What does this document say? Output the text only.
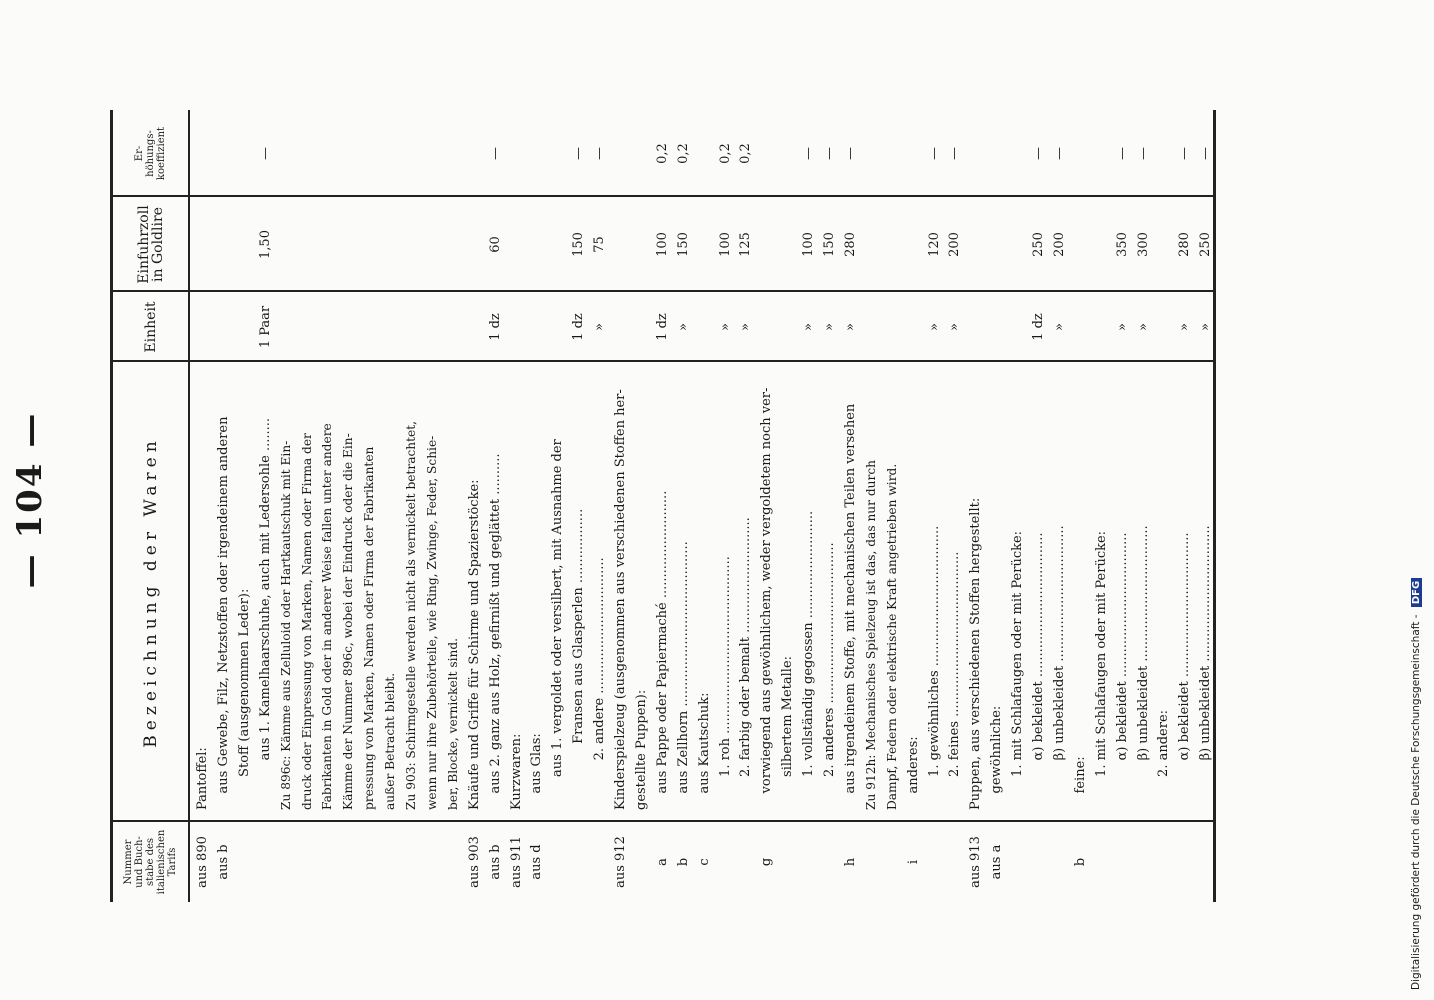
— 104 —
Nummer
und Buch-
stabe des
italienischen
Tarifs
Bezeichnung der Waren
Einheit
Einfuhrzoll
in Goldlire
Er-
höhungs-
koeffizient
aus 890
Pantoffel:
aus b
aus Gewebe, Filz, Netzstoffen oder irgendeinem anderen Stoff (ausgenommen Leder): aus 1. Kamelhaarschuhe, auch mit Ledersohle ........
1 Paar
1,50
—
Zu 896c: Kämme aus Zelluloid oder Hartkautschuk mit Ein- druck oder Einpressung von Marken, Namen oder Firma der Fabrikanten in Gold oder in anderer Weise fallen unter andere Kämme der Nummer 896c, wobei der Eindruck oder die Ein- pressung von Marken, Namen oder Firma der Fabrikanten außer Betracht bleibt. Zu 903: Schirmgestelle werden nicht als vernickelt betrachtet, wenn nur ihre Zubehörteile, wie Ring, Zwinge, Feder, Schie- ber, Blocke, vernickelt sind.
aus 903
Knäufe und Griffe für Schirme und Spazierstöcke:
aus b
aus 2. ganz aus Holz, gefirnißt und geglättet ..........
1 dz
60
—
aus 911
Kurzwaren:
aus d
aus Glas: aus 1. vergoldet oder versilbert, mit Ausnahme der Fransen aus Glasperlen ..................
1 dz
150
—
2. andere .................................
»
75
—
aus 912
Kinderspielzeug (ausgenommen aus verschiedenen Stoffen her- gestellte Puppen):
a
aus Pappe oder Papiermaché ..........................
1 dz
100
0,2
b
aus Zellhorn ........................................
»
150
0,2
c
aus Kautschuk: 1. roh ...........................................
»
100
0,2
2. farbig oder bemalt ............................
»
125
0,2
g
vorwiegend aus gewöhnlichem, weder vergoldetem noch ver- silbertem Metalle: 1. vollständig gegossen ..........................
»
100
—
2. anderes .......................................
»
150
—
h
aus irgendeinem Stoffe, mit mechanischen Teilen versehen
»
280
—
Zu 912h: Mechanisches Spielzeug ist das, das nur durch Dampf, Federn oder elektrische Kraft angetrieben wird.
i
anderes: 1. gewöhnliches ..................................
»
120
—
2. feines ........................................
»
200
—
aus 913
Puppen, aus verschiedenen Stoffen hergestellt:
aus a
gewöhnliche: 1. mit Schlafaugen oder mit Perücke: α) bekleidet ...................................
1 dz
250
—
β) unbekleidet .................................
»
200
—
b
feine: 1. mit Schlafaugen oder mit Perücke: α) bekleidet ...................................
»
350
—
β) unbekleidet .................................
»
300
—
2. andere: α) bekleidet ...................................
»
280
—
β) unbekleidet .................................
»
250
—
Digitalisierung gefördert durch die Deutsche Forschungsgemeinschaft - DFG
